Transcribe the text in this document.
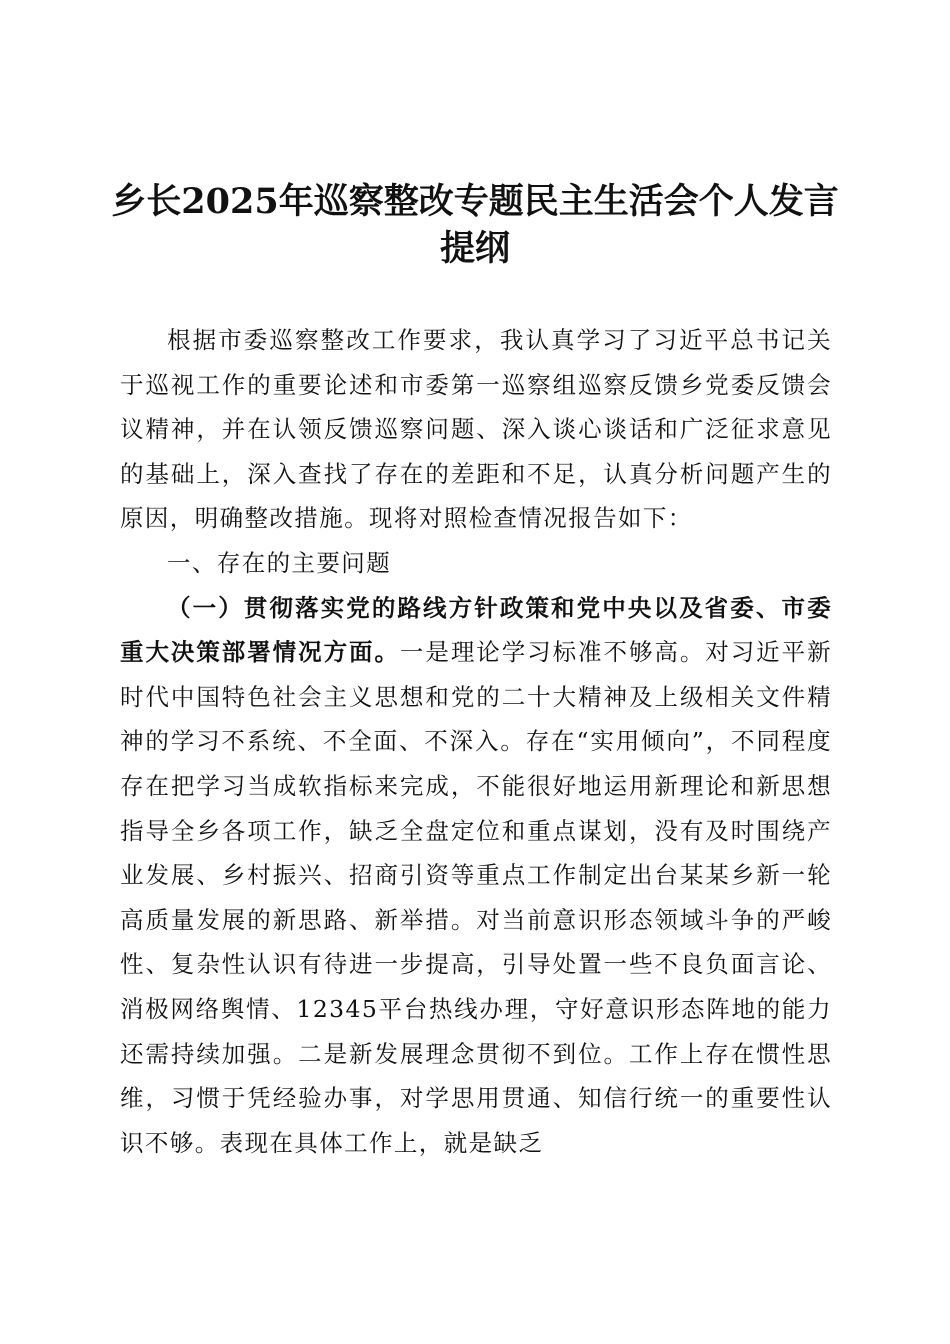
乡长2025年巡察整改专题民主生活会个人发言提纲

根据市委巡察整改工作要求，我认真学习了习近平总书记关于巡视工作的重要论述和市委第一巡察组巡察反馈乡党委反馈会议精神，并在认领反馈巡察问题、深入谈心谈话和广泛征求意见的基础上，深入查找了存在的差距和不足，认真分析问题产生的原因，明确整改措施。现将对照检查情况报告如下：

一、存在的主要问题

（一）贯彻落实党的路线方针政策和党中央以及省委、市委重大决策部署情况方面。一是理论学习标准不够高。对习近平新时代中国特色社会主义思想和党的二十大精神及上级相关文件精神的学习不系统、不全面、不深入。存在“实用倾向”，不同程度存在把学习当成软指标来完成，不能很好地运用新理论和新思想指导全乡各项工作，缺乏全盘定位和重点谋划，没有及时围绕产业发展、乡村振兴、招商引资等重点工作制定出台某某乡新一轮高质量发展的新思路、新举措。对当前意识形态领域斗争的严峻性、复杂性认识有待进一步提高，引导处置一些不良负面言论、消极网络舆情、12345平台热线办理，守好意识形态阵地的能力还需持续加强。二是新发展理念贯彻不到位。工作上存在惯性思维，习惯于凭经验办事，对学思用贯通、知信行统一的重要性认识不够。表现在具体工作上，就是缺乏
